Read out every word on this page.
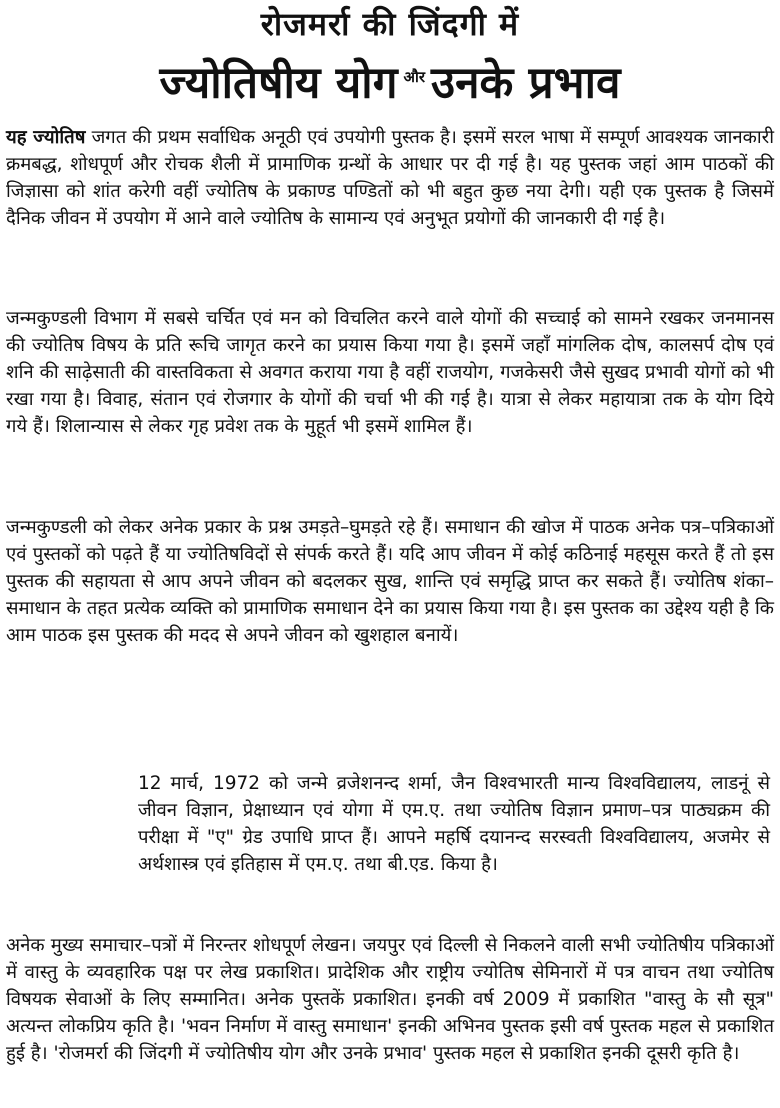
रोजमर्रा की जिंदगी में
ज्योतिषीय योग $^{और}$ उनके प्रभाव

यह ज्योतिष जगत की प्रथम सर्वाधिक अनूठी एवं उपयोगी पुस्तक है। इसमें सरल भाषा में सम्पूर्ण आवश्यक जानकारी क्रमबद्ध, शोधपूर्ण और रोचक शैली में प्रामाणिक ग्रन्थों के आधार पर दी गई है। यह पुस्तक जहां आम पाठकों की जिज्ञासा को शांत करेगी वहीं ज्योतिष के प्रकाण्ड पण्डितों को भी बहुत कुछ नया देगी। यही एक पुस्तक है जिसमें दैनिक जीवन में उपयोग में आने वाले ज्योतिष के सामान्य एवं अनुभूत प्रयोगों की जानकारी दी गई है।

जन्मकुण्डली विभाग में सबसे चर्चित एवं मन को विचलित करने वाले योगों की सच्चाई को सामने रखकर जनमानस की ज्योतिष विषय के प्रति रूचि जागृत करने का प्रयास किया गया है। इसमें जहाँ मांगलिक दोष, कालसर्प दोष एवं शनि की साढ़ेसाती की वास्तविकता से अवगत कराया गया है वहीं राजयोग, गजकेसरी जैसे सुखद प्रभावी योगों को भी रखा गया है। विवाह, संतान एवं रोजगार के योगों की चर्चा भी की गई है। यात्रा से लेकर महायात्रा तक के योग दिये गये हैं। शिलान्यास से लेकर गृह प्रवेश तक के मुहूर्त भी इसमें शामिल हैं।

जन्मकुण्डली को लेकर अनेक प्रकार के प्रश्न उमड़ते–घुमड़ते रहे हैं। समाधान की खोज में पाठक अनेक पत्र–पत्रिकाओं एवं पुस्तकों को पढ़ते हैं या ज्योतिषविदों से संपर्क करते हैं। यदि आप जीवन में कोई कठिनाई महसूस करते हैं तो इस पुस्तक की सहायता से आप अपने जीवन को बदलकर सुख, शान्ति एवं समृद्धि प्राप्त कर सकते हैं। ज्योतिष शंका–समाधान के तहत प्रत्येक व्यक्ति को प्रामाणिक समाधान देने का प्रयास किया गया है। इस पुस्तक का उद्देश्य यही है कि आम पाठक इस पुस्तक की मदद से अपने जीवन को खुशहाल बनायें।

12 मार्च, 1972 को जन्मे व्रजेशनन्द शर्मा, जैन विश्वभारती मान्य विश्वविद्यालय, लाडनूं से जीवन विज्ञान, प्रेक्षाध्यान एवं योगा में एम.ए. तथा ज्योतिष विज्ञान प्रमाण–पत्र पाठ्यक्रम की परीक्षा में "ए" ग्रेड उपाधि प्राप्त हैं। आपने महर्षि दयानन्द सरस्वती विश्वविद्यालय, अजमेर से अर्थशास्त्र एवं इतिहास में एम.ए. तथा बी.एड. किया है।

अनेक मुख्य समाचार–पत्रों में निरन्तर शोधपूर्ण लेखन। जयपुर एवं दिल्ली से निकलने वाली सभी ज्योतिषीय पत्रिकाओं में वास्तु के व्यवहारिक पक्ष पर लेख प्रकाशित। प्रादेशिक और राष्ट्रीय ज्योतिष सेमिनारों में पत्र वाचन तथा ज्योतिष विषयक सेवाओं के लिए सम्मानित। अनेक पुस्तकें प्रकाशित। इनकी वर्ष 2009 में प्रकाशित "वास्तु के सौ सूत्र" अत्यन्त लोकप्रिय कृति है। 'भवन निर्माण में वास्तु समाधान' इनकी अभिनव पुस्तक इसी वर्ष पुस्तक महल से प्रकाशित हुई है। 'रोजमर्रा की जिंदगी में ज्योतिषीय योग और उनके प्रभाव' पुस्तक महल से प्रकाशित इनकी दूसरी कृति है।
